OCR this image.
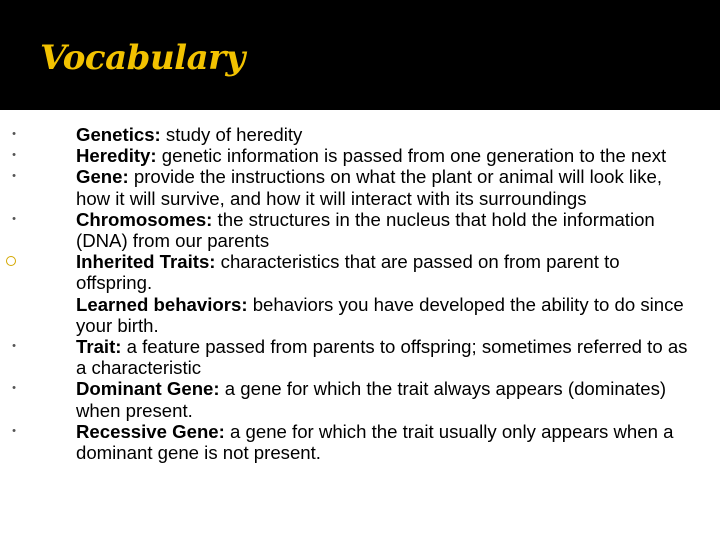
Vocabulary
•	Genetics: study of heredity
•	Heredity: genetic information is passed from one generation to the next
•	Gene: provide the instructions on what the plant or animal will look like, how it will survive, and how it will interact with its surroundings
•	Chromosomes: the structures in the nucleus that hold the information (DNA) from our parents
Inherited Traits: characteristics that are passed on from parent to offspring.
Learned behaviors: behaviors you have developed the ability to do since your birth.
•	Trait: a feature passed from parents to offspring; sometimes referred to as a characteristic
•	Dominant Gene: a gene for which the trait always appears (dominates) when present.
•	Recessive Gene: a gene for which the trait usually only appears when a dominant gene is not present.
